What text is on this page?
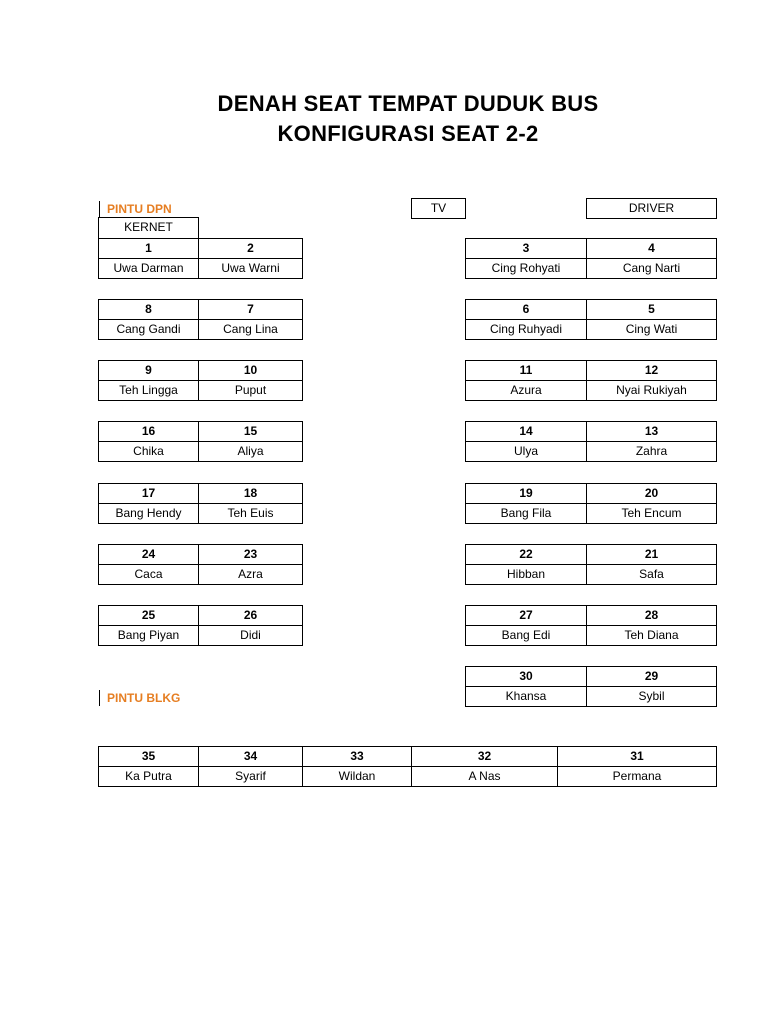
DENAH SEAT TEMPAT DUDUK BUS
KONFIGURASI SEAT 2-2
PINTU DPN
KERNET
TV	DRIVER
PINTU BLKG
1
Uwa Darman
2
Uwa Warni
3
Cing Rohyati
4
Cang Narti
8
Cang Gandi
7
Cang Lina
6
Cing Ruhyadi
5
Cing Wati
9
Teh Lingga
10
Puput
11
Azura
12
Nyai Rukiyah
16
Chika
15
Aliya
14
Ulya
13
Zahra
17
Bang Hendy
18
Teh Euis
19
Bang Fila
20
Teh Encum
24
Caca
23
Azra
22
Hibban
21
Safa
25
Bang Piyan
26
Didi
27
Bang Edi
28
Teh Diana
30
Khansa
29
Sybil
35
Ka Putra
34
Syarif
33
Wildan
32
A Nas
31
Permana
